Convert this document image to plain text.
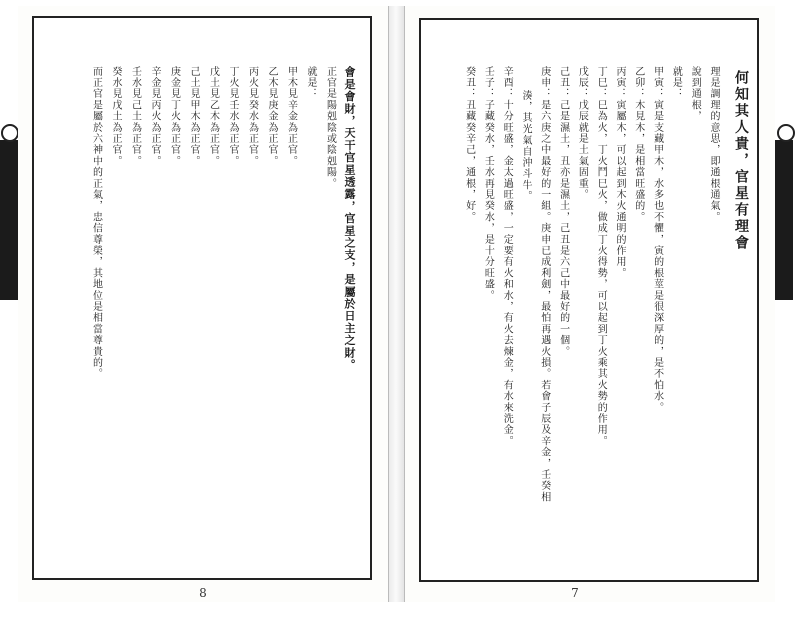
會是會財，天干官星透露，官星之支，是屬於日主之財。
正官是陽剋陰或陰剋陽。
就是：
甲木見辛金為正官。
乙木見庚金為正官。
丙火見癸水為正官。
丁火見壬水為正官。
戊土見乙木為正官。
己土見甲木為正官。
庚金見丁火為正官。
辛金見丙火為正官。
壬水見己土為正官。
癸水見戊土為正官。
而正官是屬於六神中的正氣，忠信尊榮，其地位是相當尊貴的。
8
何知其人貴，官星有理會
理是調理的意思，即通根通氣。
說到通根，
就是：
甲寅：寅是支藏甲木，水多也不懼，寅的根莖是很深厚的，是不怕水。
乙卯：木見木，是相當旺盛的。
丙寅：寅屬木，可以起到木火通明的作用。
丁巳：巳為火，丁火鬥巳火，做成丁火得勢，可以起到丁火乘其火勢的作用。
戊辰：戊辰就是土氣固重。
己丑：己是濕土，丑亦是濕土，己丑是六己中最好的一個。
庚申：是六庚之中最好的一組。庚申已成利劍，最怕再遇火損。若會子辰及辛金，壬癸相
湊，其光氣自沖斗牛。
辛酉：十分旺盛，金太過旺盛，一定要有火和水，有火去煉金，有水來洗金。
壬子：子藏癸水，壬水再見癸水，是十分旺盛。
癸丑：丑藏癸辛己，通根，好。
7
